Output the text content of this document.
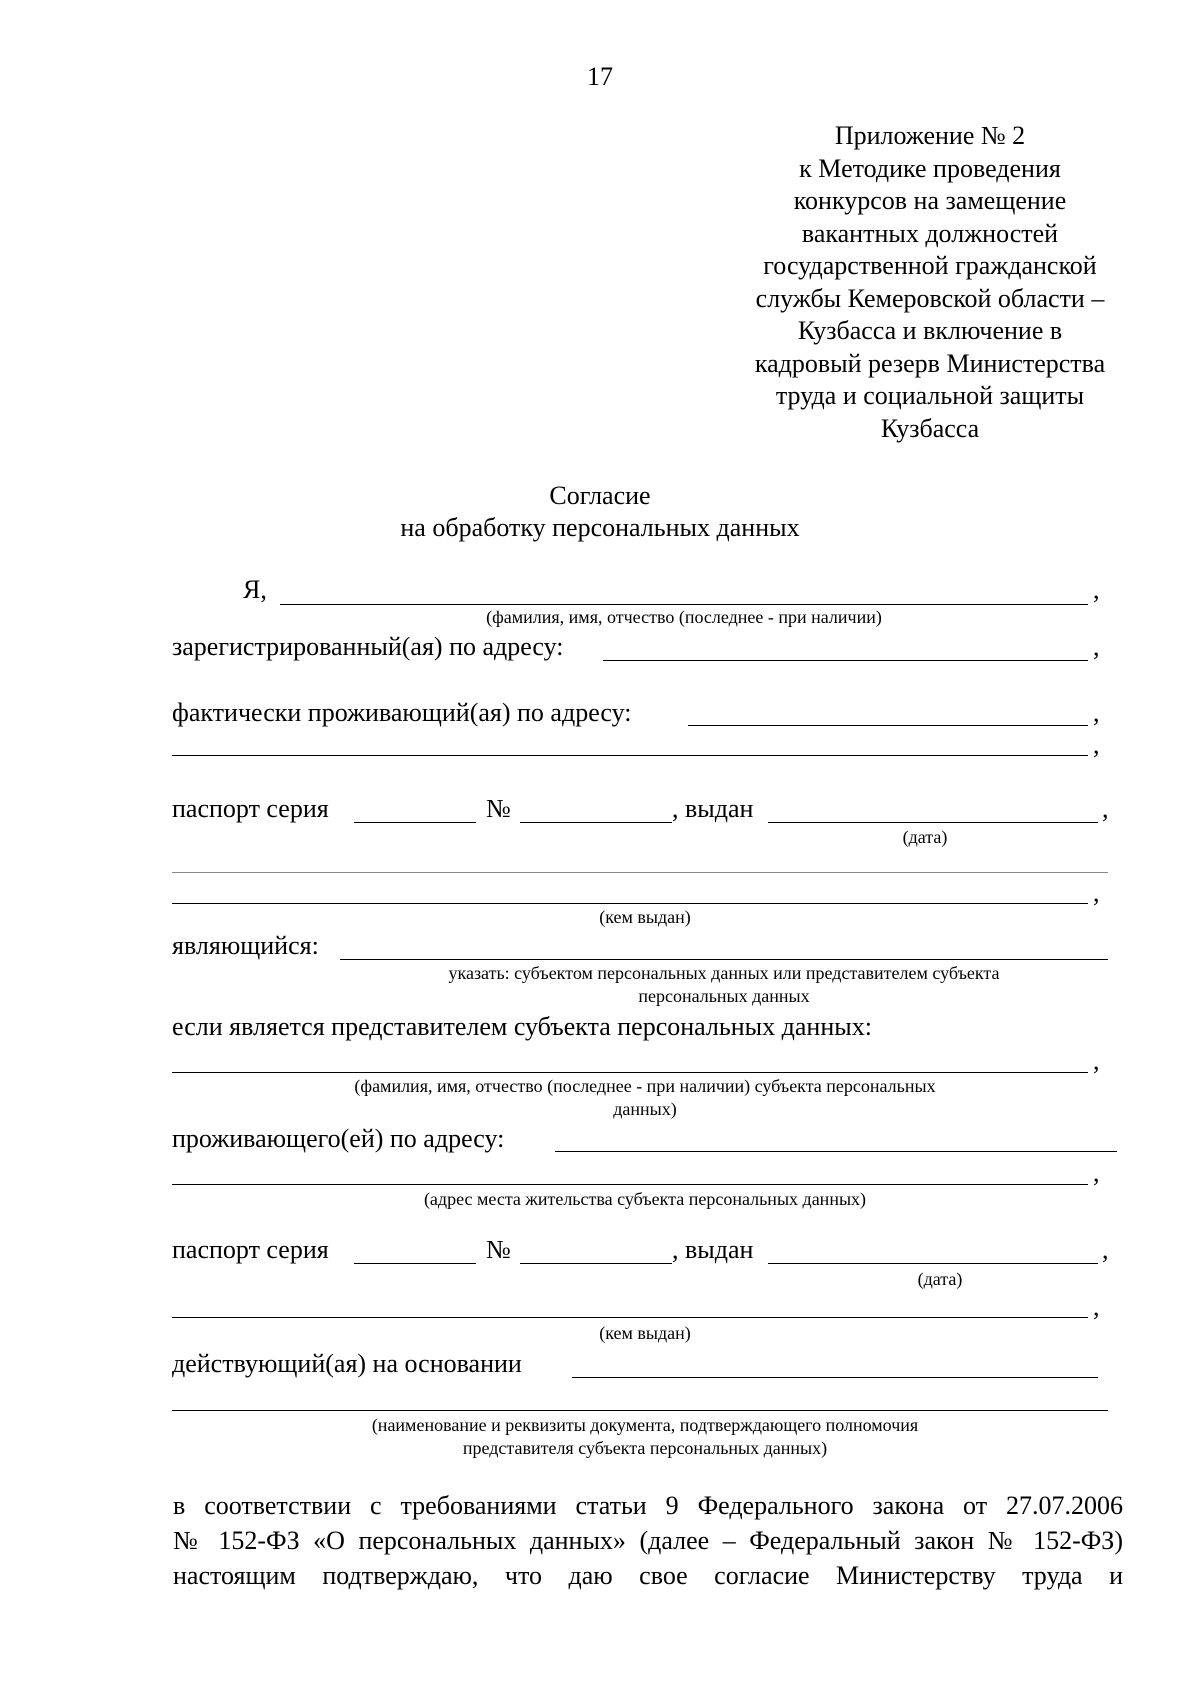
17
Приложение № 2
к Методике проведения
конкурсов на замещение
вакантных должностей
государственной гражданской
службы Кемеровской области –
Кузбасса и включение в
кадровый резерв Министерства
труда и социальной защиты
Кузбасса
Согласие
на обработку персональных данных
Я,	,
(фамилия, имя, отчество (последнее - при наличии)
зарегистрированный(ая) по адресу:	,
фактически проживающий(ая) по адресу:	,
,
паспорт серия	№	, выдан	,
(дата)
,
(кем выдан)
являющийся:
указать: субъектом персональных данных или представителем субъекта
персональных данных
если является представителем субъекта персональных данных:
,
(фамилия, имя, отчество (последнее - при наличии) субъекта персональных
данных)
проживающего(ей) по адресу:
,
(адрес места жительства субъекта персональных данных)
паспорт серия	№	, выдан	,
(дата)
,
(кем выдан)
действующий(ая) на основании
(наименование и реквизиты документа, подтверждающего полномочия
представителя субъекта персональных данных)
в соответствии с требованиями статьи 9 Федерального закона от 27.07.2006
№ 152-ФЗ «О персональных данных» (далее – Федеральный закон № 152-ФЗ)
настоящим подтверждаю, что даю свое согласие Министерству труда и
